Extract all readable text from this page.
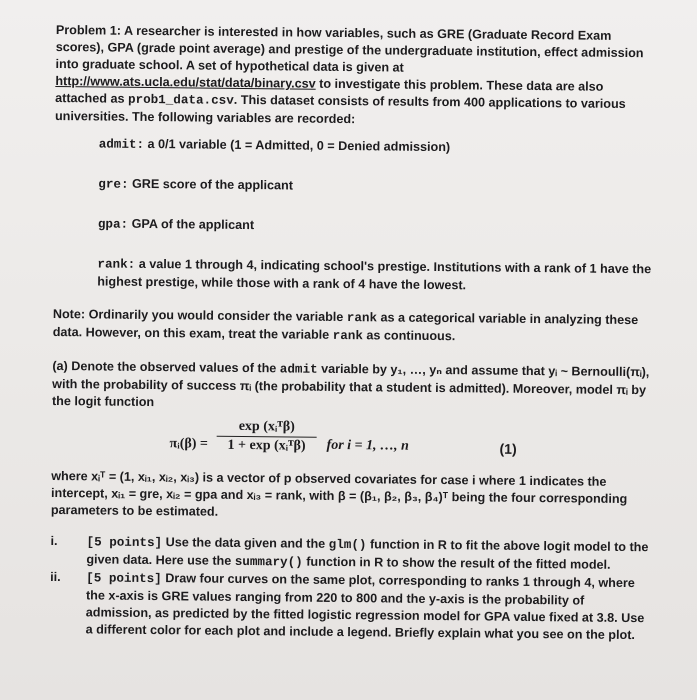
Problem 1: A researcher is interested in how variables, such as GRE (Graduate Record Exam scores), GPA (grade point average) and prestige of the undergraduate institution, effect admission into graduate school. A set of hypothetical data is given at http://www.ats.ucla.edu/stat/data/binary.csv to investigate this problem. These data are also attached as prob1_data.csv. This dataset consists of results from 400 applications to various universities. The following variables are recorded:

admit: a 0/1 variable (1 = Admitted, 0 = Denied admission)

gre: GRE score of the applicant

gpa: GPA of the applicant

rank: a value 1 through 4, indicating school's prestige. Institutions with a rank of 1 have the highest prestige, while those with a rank of 4 have the lowest.

Note: Ordinarily you would consider the variable rank as a categorical variable in analyzing these data. However, on this exam, treat the variable rank as continuous.

(a) Denote the observed values of the admit variable by y₁, …, yₙ and assume that yᵢ ~ Bernoulli(πᵢ), with the probability of success πᵢ (the probability that a student is admitted). Moreover, model πᵢ by the logit function

πᵢ(β) =
exp (xᵢᵀβ)
1 + exp (xᵢᵀβ)	for i = 1, …, n	(1)

where xᵢᵀ = (1, xᵢ₁, xᵢ₂, xᵢ₃) is a vector of p observed covariates for case i where 1 indicates the intercept, xᵢ₁ = gre, xᵢ₂ = gpa and xᵢ₃ = rank, with β = (β₁, β₂, β₃, β₄)ᵀ being the four corresponding parameters to be estimated.

i. [5 points] Use the data given and the glm() function in R to fit the above logit model to the given data. Here use the summary() function in R to show the result of the fitted model.
ii. [5 points] Draw four curves on the same plot, corresponding to ranks 1 through 4, where the x-axis is GRE values ranging from 220 to 800 and the y-axis is the probability of admission, as predicted by the fitted logistic regression model for GPA value fixed at 3.8. Use a different color for each plot and include a legend. Briefly explain what you see on the plot.
